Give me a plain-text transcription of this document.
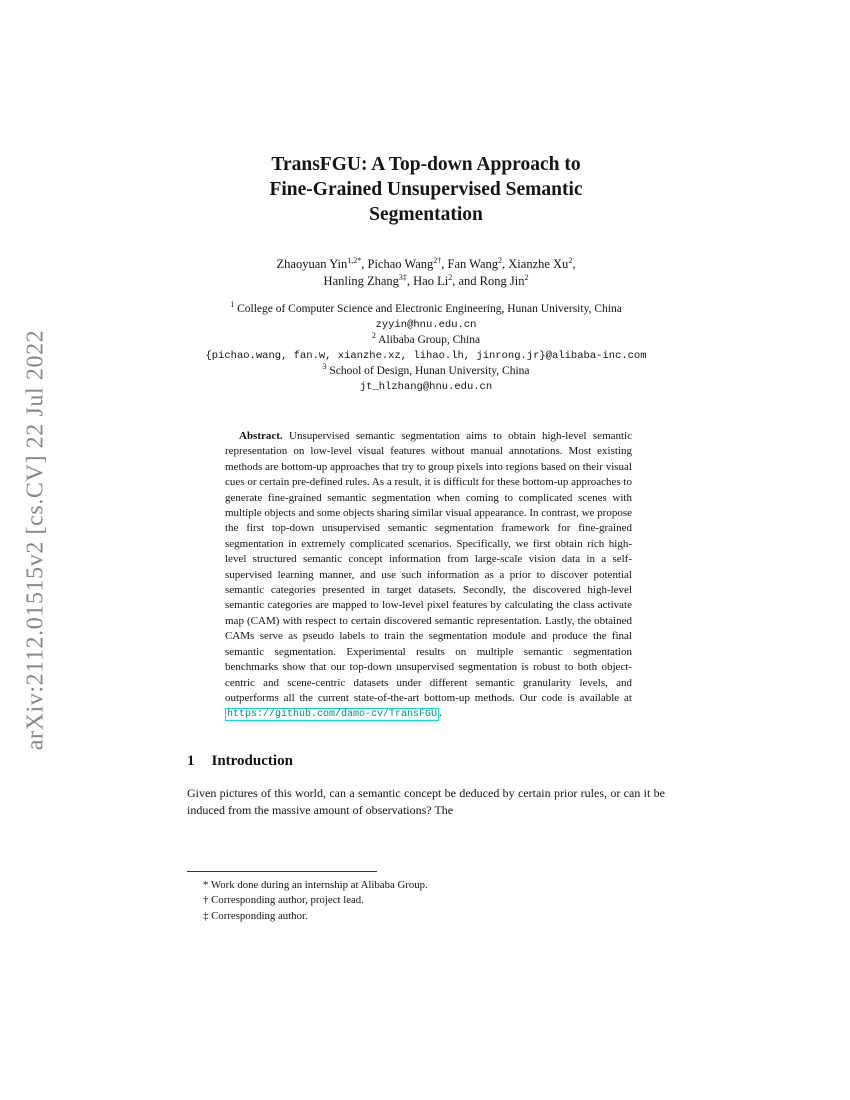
arXiv:2112.01515v2 [cs.CV] 22 Jul 2022
TransFGU: A Top-down Approach to
Fine-Grained Unsupervised Semantic
Segmentation
Zhaoyuan Yin$^{1,2*}$, Pichao Wang$^{2\dagger}$, Fan Wang$^2$, Xianzhe Xu$^2$,
Hanling Zhang$^{3\ddagger}$, Hao Li$^2$, and Rong Jin$^2$
$^1$ College of Computer Science and Electronic Engineering, Hunan University, China
zyyin@hnu.edu.cn
$^2$ Alibaba Group, China
{pichao.wang, fan.w, xianzhe.xz, lihao.lh, jinrong.jr}@alibaba-inc.com
$^3$ School of Design, Hunan University, China
jt_hlzhang@hnu.edu.cn

Abstract. Unsupervised semantic segmentation aims to obtain high-level semantic representation on low-level visual features without manual annotations. Most existing methods are bottom-up approaches that try to group pixels into regions based on their visual cues or certain pre-defined rules. As a result, it is difficult for these bottom-up approaches to generate fine-grained semantic segmentation when coming to complicated scenes with multiple objects and some objects sharing similar visual appearance. In contrast, we propose the first top-down unsupervised semantic segmentation framework for fine-grained segmentation in extremely complicated scenarios. Specifically, we first obtain rich high-level structured semantic concept information from large-scale vision data in a self-supervised learning manner, and use such information as a prior to discover potential semantic categories presented in target datasets. Secondly, the discovered high-level semantic categories are mapped to low-level pixel features by calculating the class activate map (CAM) with respect to certain discovered semantic representation. Lastly, the obtained CAMs serve as pseudo labels to train the segmentation module and produce the final semantic segmentation. Experimental results on multiple semantic segmentation benchmarks show that our top-down unsupervised segmentation is robust to both object-centric and scene-centric datasets under different semantic granularity levels, and outperforms all the current state-of-the-art bottom-up methods. Our code is available at https://github.com/damo-cv/TransFGU .

1 Introduction

Given pictures of this world, can a semantic concept be deduced by certain prior rules, or can it be induced from the massive amount of observations? The

* Work done during an internship at Alibaba Group.
† Corresponding author, project lead.
‡ Corresponding author.
